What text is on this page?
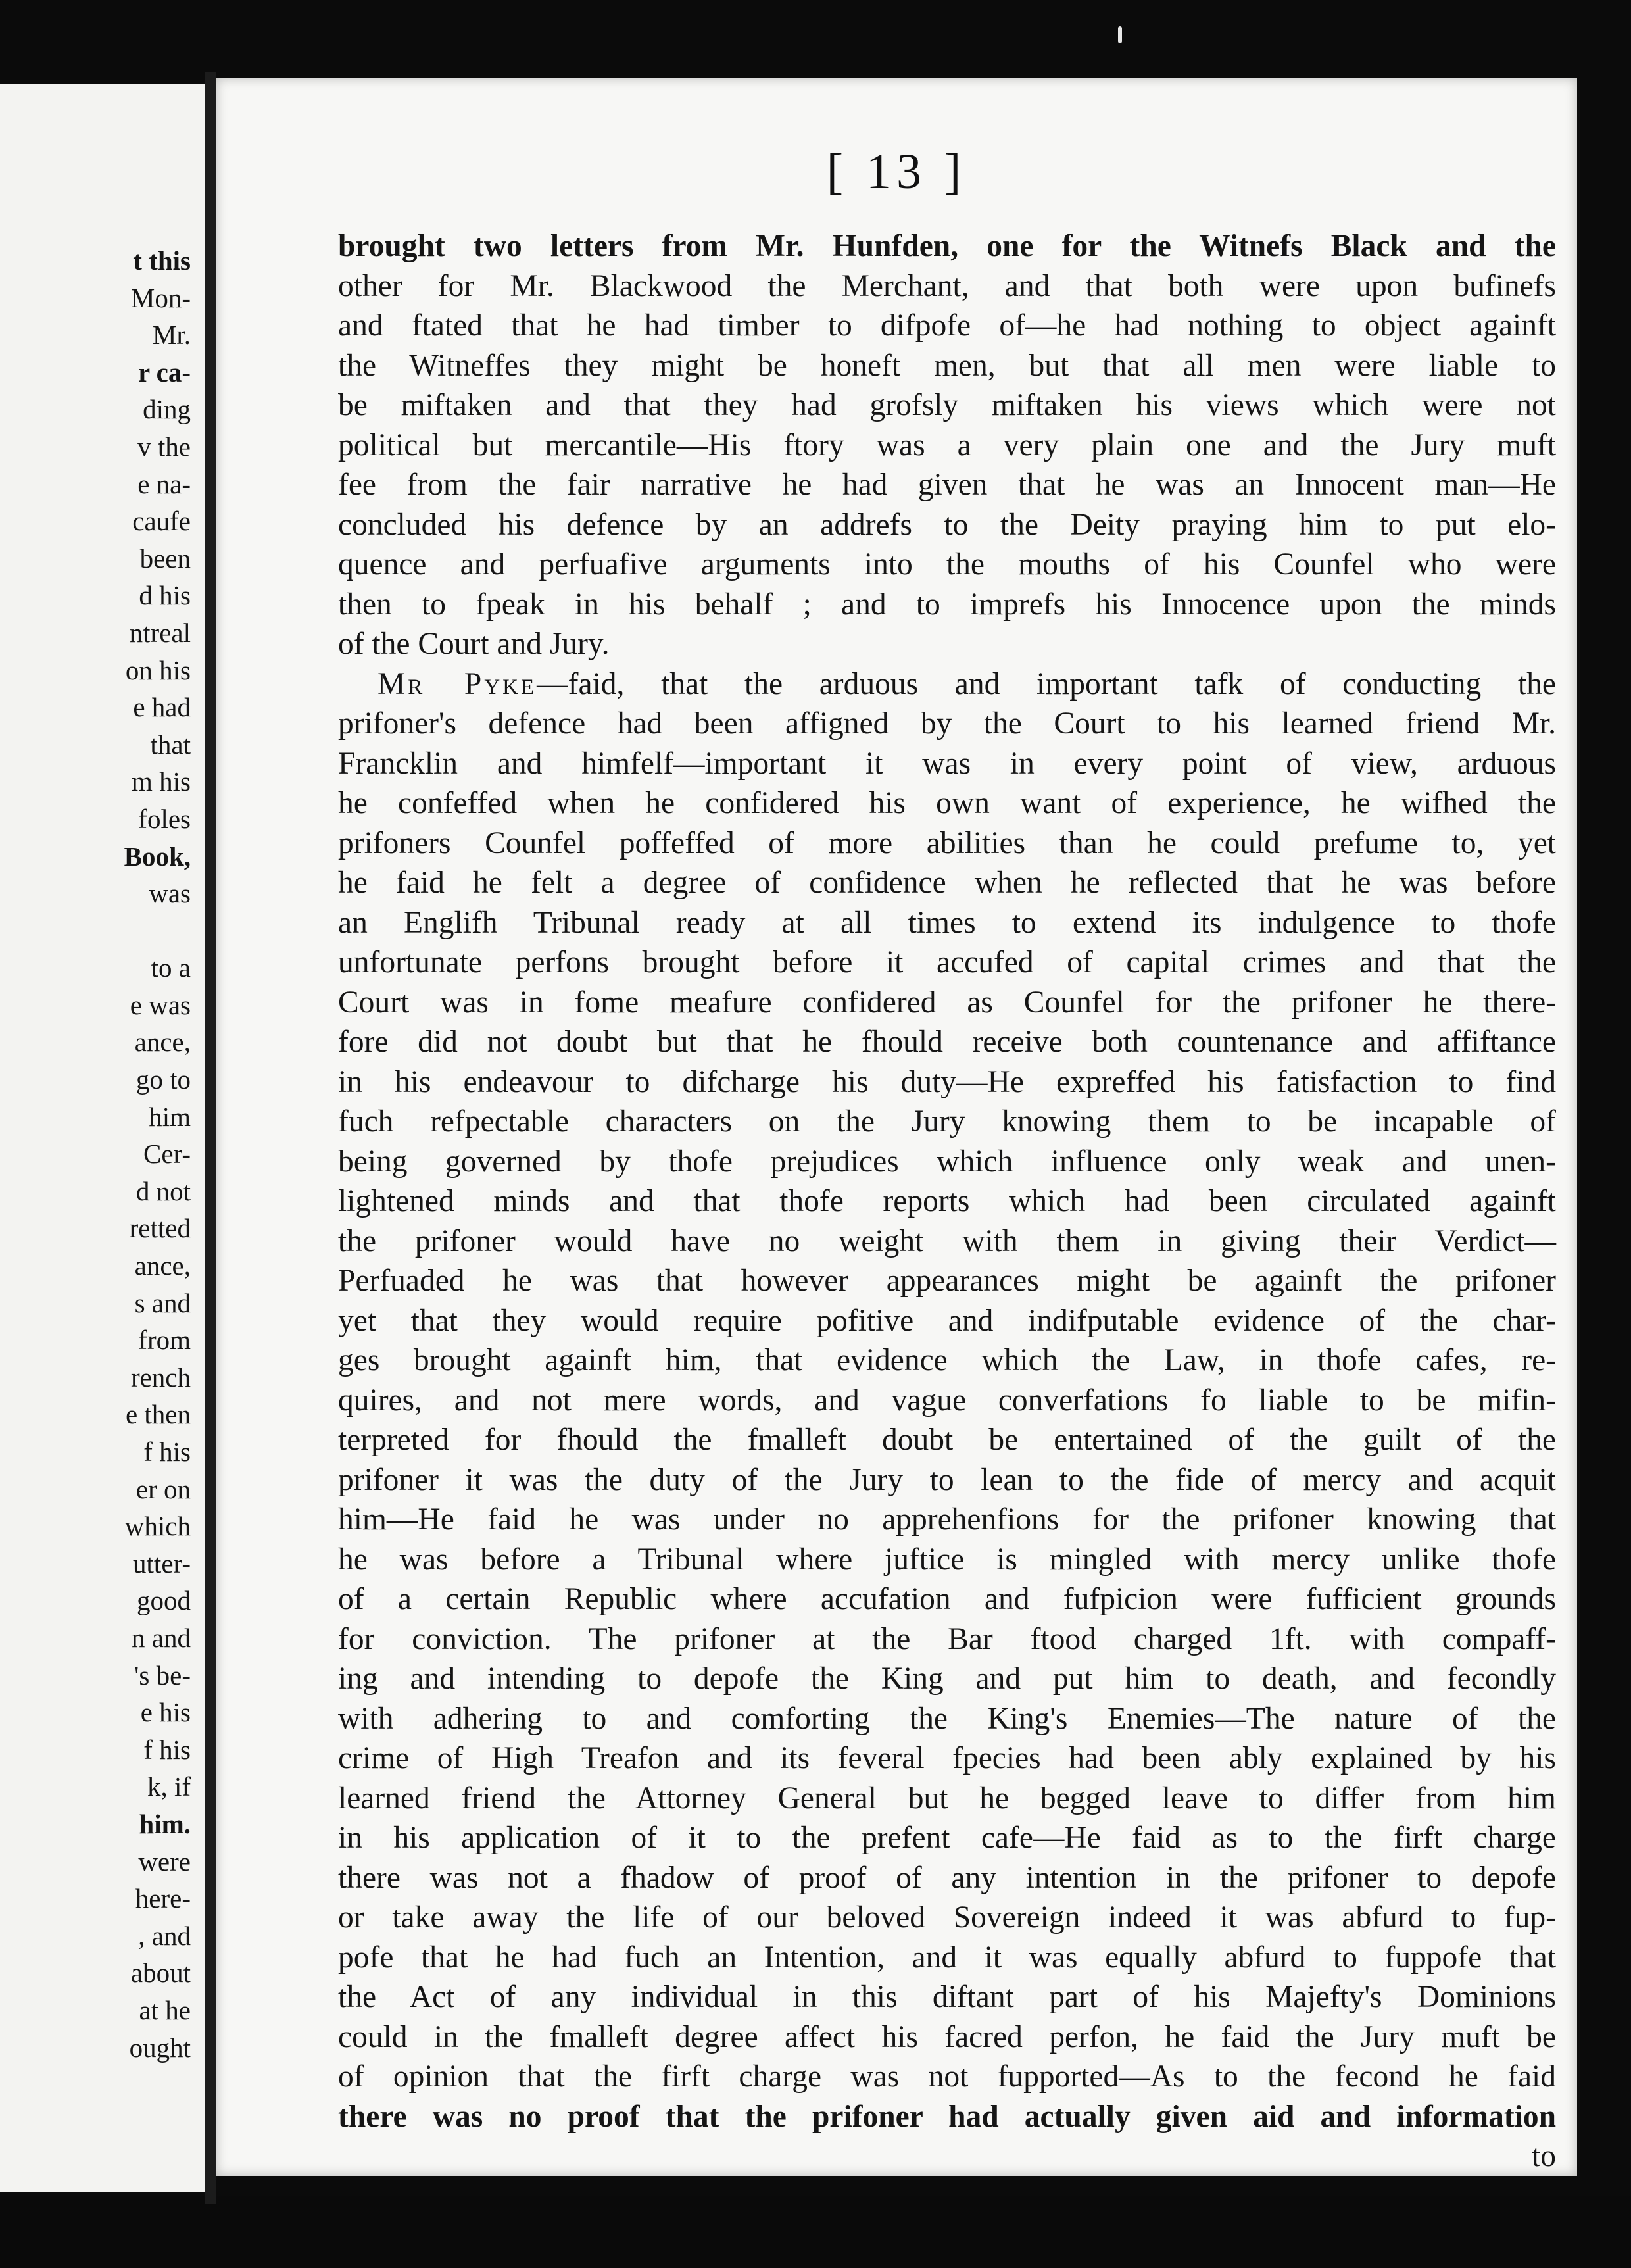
t this
Mon-
Mr.
r ca-
ding
v the
e na-
caufe
been
d his
ntreal
on his
e had
that
m his
foles
Book,
was
to a
e was
ance,
go to
him
Cer-
d not
retted
ance,
s and
from
rench
e then
f his
er on
which
utter-
good
n and
's be-
e his
f his
k, if
him.
were
here-
, and
about
at he
ought
[ 13 ]
brought two letters from Mr. Hunfden, one for the Witnefs Black and the
other for Mr. Blackwood the Merchant, and that both were upon bufinefs
and ftated that he had timber to difpofe of—he had nothing to object againft
the Witneffes they might be honeft men, but that all men were liable to
be miftaken and that they had grofsly miftaken his views which were not
political but mercantile—His ftory was a very plain one and the Jury muft
fee from the fair narrative he had given that he was an Innocent man—He
concluded his defence by an addrefs to the Deity praying him to put elo-
quence and perfuafive arguments into the mouths of his Counfel who were
then to fpeak in his behalf ; and to imprefs his Innocence upon the minds
of the Court and Jury.
Mr Pyke—faid, that the arduous and important tafk of conducting the
prifoner's defence had been affigned by the Court to his learned friend Mr.
Francklin and himfelf—important it was in every point of view, arduous
he confeffed when he confidered his own want of experience, he wifhed the
prifoners Counfel poffeffed of more abilities than he could prefume to, yet
he faid he felt a degree of confidence when he reflected that he was before
an Englifh Tribunal ready at all times to extend its indulgence to thofe
unfortunate perfons brought before it accufed of capital crimes and that the
Court was in fome meafure confidered as Counfel for the prifoner he there-
fore did not doubt but that he fhould receive both countenance and affiftance
in his endeavour to difcharge his duty—He expreffed his fatisfaction to find
fuch refpectable characters on the Jury knowing them to be incapable of
being governed by thofe prejudices which influence only weak and unen-
lightened minds and that thofe reports which had been circulated againft
the prifoner would have no weight with them in giving their Verdict—
Perfuaded he was that however appearances might be againft the prifoner
yet that they would require pofitive and indifputable evidence of the char-
ges brought againft him, that evidence which the Law, in thofe cafes, re-
quires, and not mere words, and vague converfations fo liable to be mifin-
terpreted for fhould the fmalleft doubt be entertained of the guilt of the
prifoner it was the duty of the Jury to lean to the fide of mercy and acquit
him—He faid he was under no apprehenfions for the prifoner knowing that
he was before a Tribunal where juftice is mingled with mercy unlike thofe
of a certain Republic where accufation and fufpicion were fufficient grounds
for conviction. The prifoner at the Bar ftood charged 1ft. with compaff-
ing and intending to depofe the King and put him to death, and fecondly
with adhering to and comforting the King's Enemies—The nature of the
crime of High Treafon and its feveral fpecies had been ably explained by his
learned friend the Attorney General but he begged leave to differ from him
in his application of it to the prefent cafe—He faid as to the firft charge
there was not a fhadow of proof of any intention in the prifoner to depofe
or take away the life of our beloved Sovereign indeed it was abfurd to fup-
pofe that he had fuch an Intention, and it was equally abfurd to fuppofe that
the Act of any individual in this diftant part of his Majefty's Dominions
could in the fmalleft degree affect his facred perfon, he faid the Jury muft be
of opinion that the firft charge was not fupported—As to the fecond he faid
there was no proof that the prifoner had actually given aid and information
to
